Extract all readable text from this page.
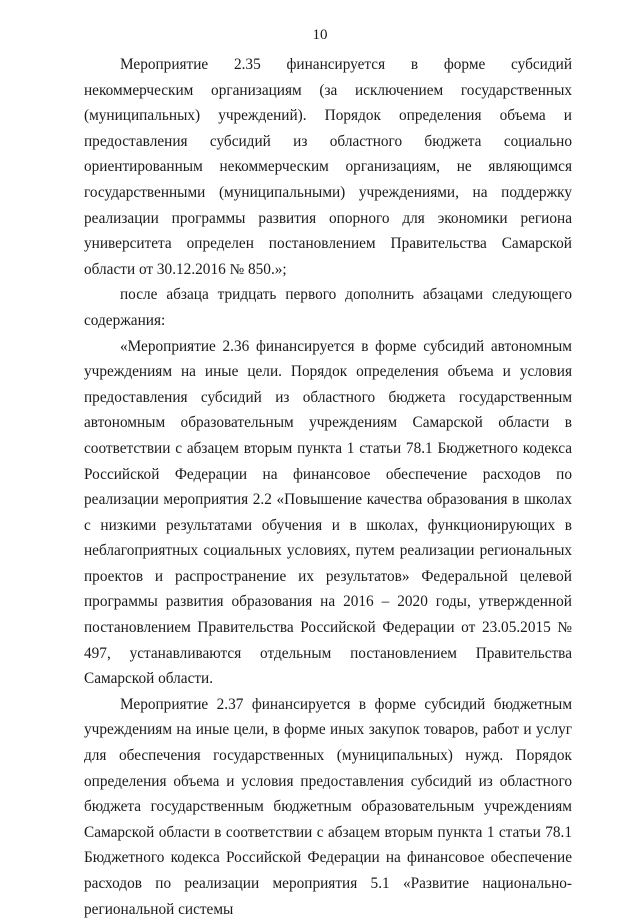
10

Мероприятие 2.35 финансируется в форме субсидий некоммерческим организациям (за исключением государственных (муниципальных) учреждений). Порядок определения объема и предоставления субсидий из областного бюджета социально ориентированным некоммерческим организациям, не являющимся государственными (муниципальными) учреждениями, на поддержку реализации программы развития опорного для экономики региона университета определен постановлением Правительства Самарской области от 30.12.2016 № 850.»;

после абзаца тридцать первого дополнить абзацами следующего содержания:

«Мероприятие 2.36 финансируется в форме субсидий автономным учреждениям на иные цели. Порядок определения объема и условия предоставления субсидий из областного бюджета государственным автономным образовательным учреждениям Самарской области в соответствии с абзацем вторым пункта 1 статьи 78.1 Бюджетного кодекса Российской Федерации на финансовое обеспечение расходов по реализации мероприятия 2.2 «Повышение качества образования в школах с низкими результатами обучения и в школах, функционирующих в неблагоприятных социальных условиях, путем реализации региональных проектов и распространение их результатов» Федеральной целевой программы развития образования на 2016 – 2020 годы, утвержденной постановлением Правительства Российской Федерации от 23.05.2015 № 497, устанавливаются отдельным постановлением Правительства Самарской области.

Мероприятие 2.37 финансируется в форме субсидий бюджетным учреждениям на иные цели, в форме иных закупок товаров, работ и услуг для обеспечения государственных (муниципальных) нужд. Порядок определения объема и условия предоставления субсидий из областного бюджета государственным бюджетным образовательным учреждениям Самарской области в соответствии с абзацем вторым пункта 1 статьи 78.1 Бюджетного кодекса Российской Федерации на финансовое обеспечение расходов по реализации мероприятия 5.1 «Развитие национально-региональной системы
